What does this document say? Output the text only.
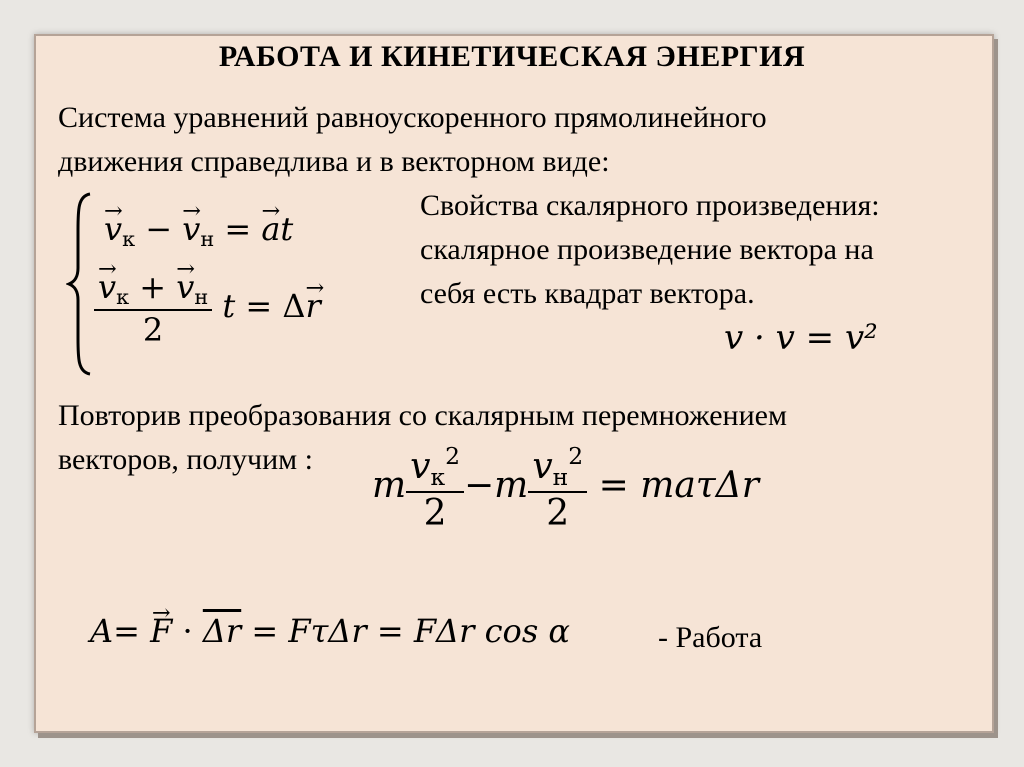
РАБОТА И КИНЕТИЧЕСКАЯ ЭНЕРГИЯ
Система уравнений равноускоренного прямолинейного
движения справедлива и в векторном виде:
→ $v_к$ − → $v_н$ = → at
→ $\frac{v_к + \to v_н}{2}$ t = Δ→ r
Свойства скалярного произведения:
скалярное произведение вектора на
себя есть квадрат вектора.
v · v = v²
Повторив преобразования со скалярным перемножением
векторов, получим :
m $\frac{v_к^2}{2} -m \frac{v_н^2}{2} = ma\tau\Delta r$
$A= \to F \cdot \overline{\Delta r} = F\tau\Delta r = F\Delta r$ cos α	- Работа
